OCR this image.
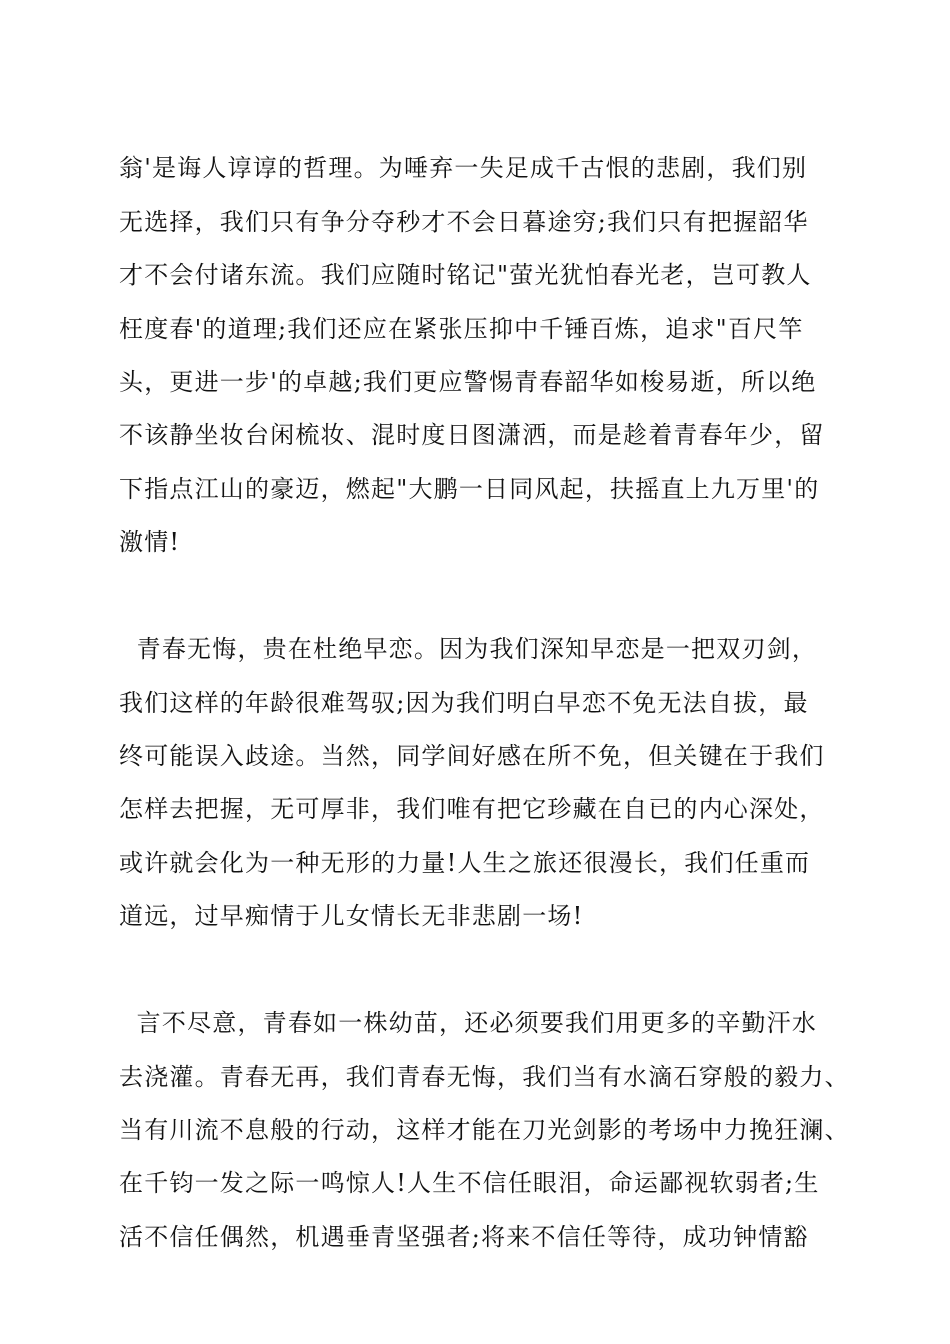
翁'是诲人谆谆的哲理。为唾弃一失足成千古恨的悲剧，我们别
无选择，我们只有争分夺秒才不会日暮途穷;我们只有把握韶华
才不会付诸东流。我们应随时铭记"萤光犹怕春光老，岂可教人
枉度春'的道理;我们还应在紧张压抑中千锤百炼，追求"百尺竿
头，更进一步'的卓越;我们更应警惕青春韶华如梭易逝，所以绝
不该静坐妆台闲梳妆、混时度日图潇洒，而是趁着青春年少，留
下指点江山的豪迈，燃起"大鹏一日同风起，扶摇直上九万里'的
激情!
青春无悔，贵在杜绝早恋。因为我们深知早恋是一把双刃剑，
我们这样的年龄很难驾驭;因为我们明白早恋不免无法自拔，最
终可能误入歧途。当然，同学间好感在所不免，但关键在于我们
怎样去把握，无可厚非，我们唯有把它珍藏在自已的内心深处，
或许就会化为一种无形的力量!人生之旅还很漫长，我们任重而
道远，过早痴情于儿女情长无非悲剧一场!
言不尽意，青春如一株幼苗，还必须要我们用更多的辛勤汗水
去浇灌。青春无再，我们青春无悔，我们当有水滴石穿般的毅力、
当有川流不息般的行动，这样才能在刀光剑影的考场中力挽狂澜、
在千钧一发之际一鸣惊人!人生不信任眼泪，命运鄙视软弱者;生
活不信任偶然，机遇垂青坚强者;将来不信任等待，成功钟情豁
